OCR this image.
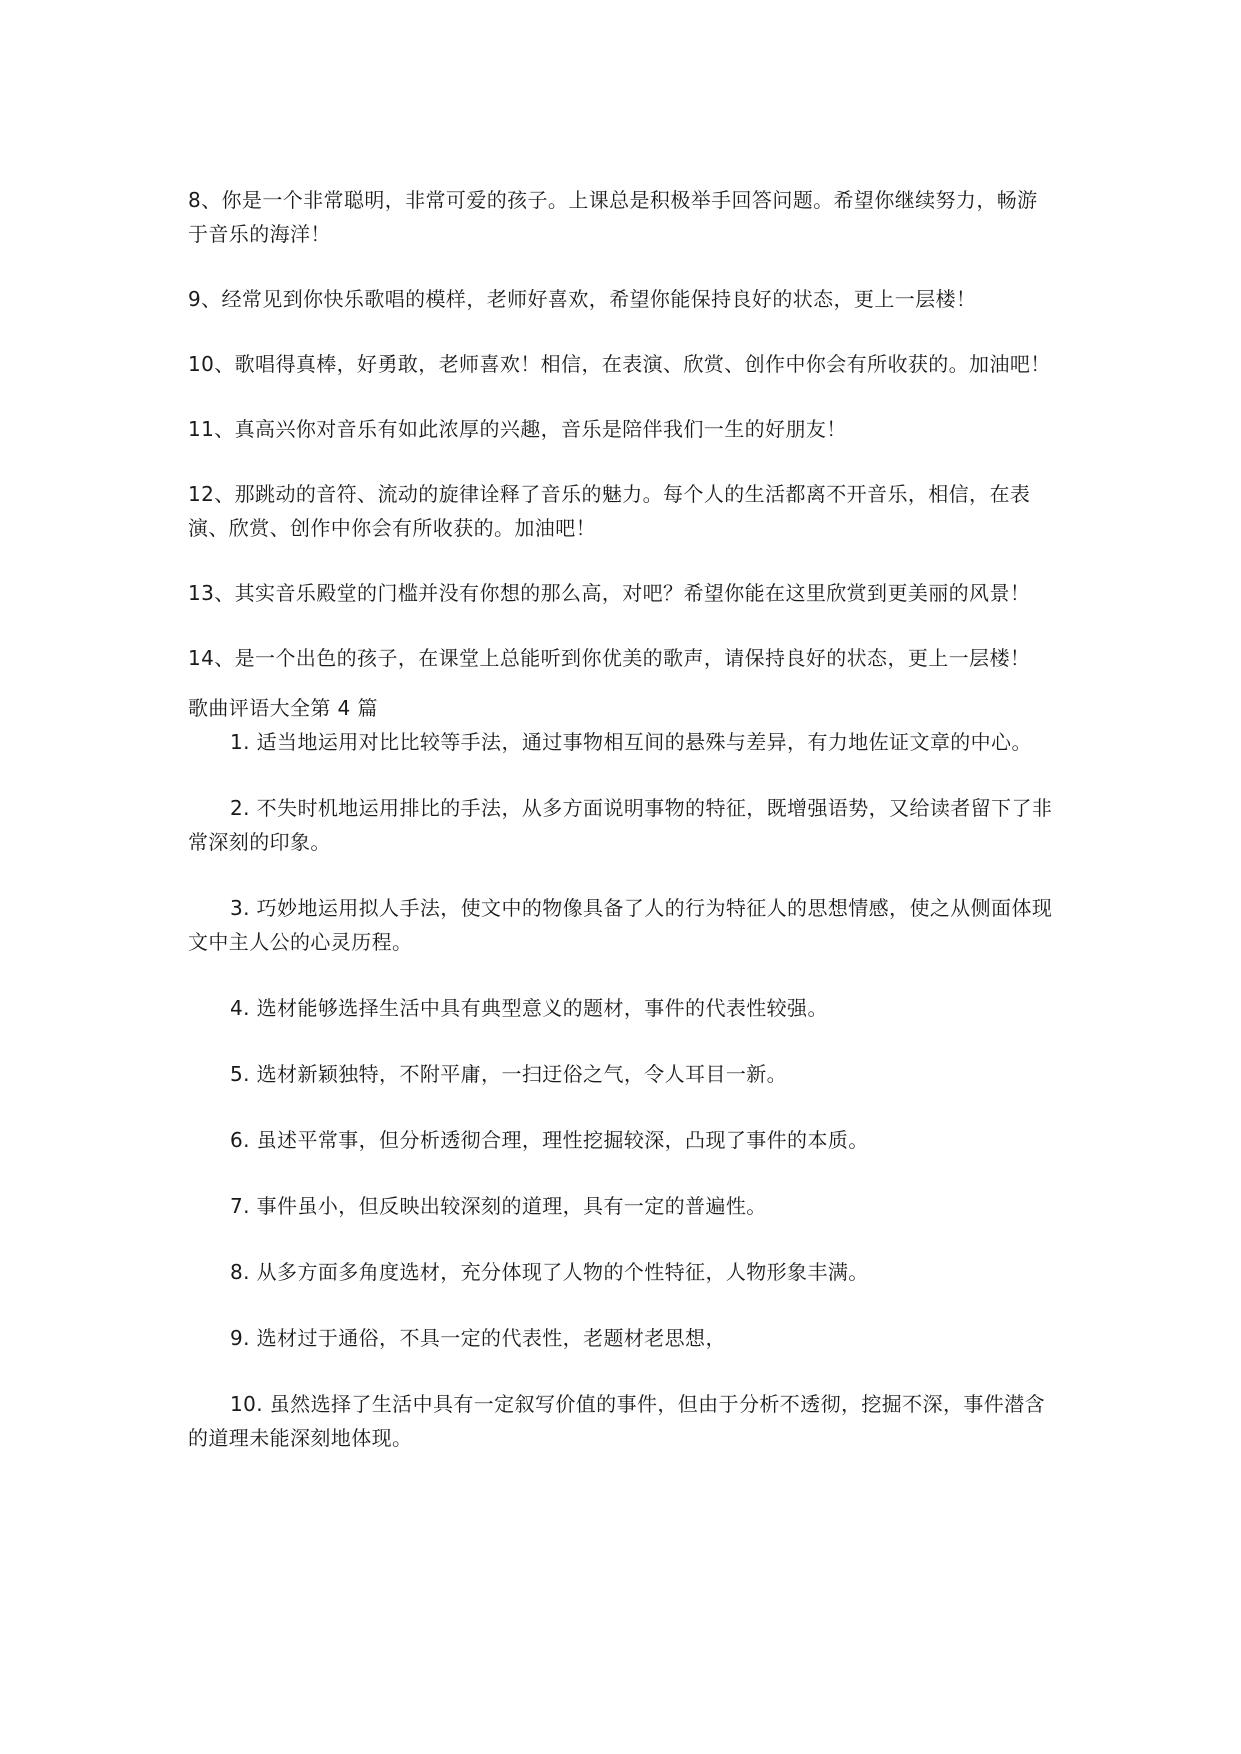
8、你是一个非常聪明，非常可爱的孩子。上课总是积极举手回答问题。希望你继续努力，畅游于音乐的海洋！

9、经常见到你快乐歌唱的模样，老师好喜欢，希望你能保持良好的状态，更上一层楼！

10、歌唱得真棒，好勇敢，老师喜欢！相信，在表演、欣赏、创作中你会有所收获的。加油吧！

11、真高兴你对音乐有如此浓厚的兴趣，音乐是陪伴我们一生的好朋友！

12、那跳动的音符、流动的旋律诠释了音乐的魅力。每个人的生活都离不开音乐，相信，在表演、欣赏、创作中你会有所收获的。加油吧！

13、其实音乐殿堂的门槛并没有你想的那么高，对吧？希望你能在这里欣赏到更美丽的风景！

14、是一个出色的孩子，在课堂上总能听到你优美的歌声，请保持良好的状态，更上一层楼！

歌曲评语大全第 4 篇

1. 适当地运用对比比较等手法，通过事物相互间的悬殊与差异，有力地佐证文章的中心。

2. 不失时机地运用排比的手法，从多方面说明事物的特征，既增强语势，又给读者留下了非常深刻的印象。

3. 巧妙地运用拟人手法，使文中的物像具备了人的行为特征人的思想情感，使之从侧面体现文中主人公的心灵历程。

4. 选材能够选择生活中具有典型意义的题材，事件的代表性较强。

5. 选材新颖独特，不附平庸，一扫迂俗之气，令人耳目一新。

6. 虽述平常事，但分析透彻合理，理性挖掘较深，凸现了事件的本质。

7. 事件虽小，但反映出较深刻的道理，具有一定的普遍性。

8. 从多方面多角度选材，充分体现了人物的个性特征，人物形象丰满。

9. 选材过于通俗，不具一定的代表性，老题材老思想，

10. 虽然选择了生活中具有一定叙写价值的事件，但由于分析不透彻，挖掘不深，事件潜含的道理未能深刻地体现。
